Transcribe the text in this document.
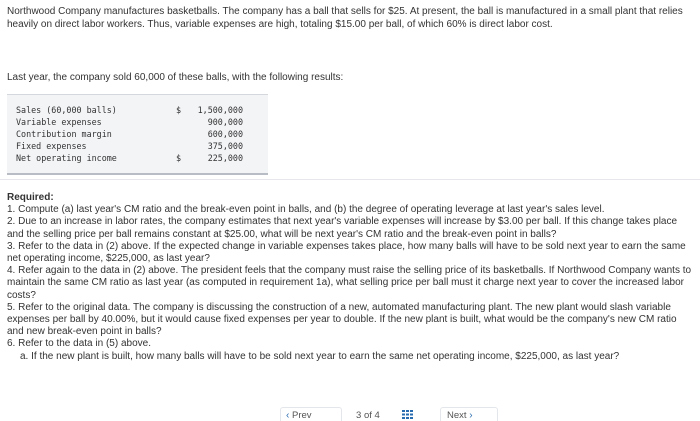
Northwood Company manufactures basketballs. The company has a ball that sells for $25. At present, the ball is manufactured in a small plant that relies heavily on direct labor workers. Thus, variable expenses are high, totaling $15.00 per ball, of which 60% is direct labor cost.
Last year, the company sold 60,000 of these balls, with the following results:
Sales (60,000 balls)	$ 1,500,000
Variable expenses	900,000
Contribution margin	600,000
Fixed expenses	375,000
Net operating income	$	225,000
Required:

1. Compute (a) last year's CM ratio and the break-even point in balls, and (b) the degree of operating leverage at last year's sales level.

2. Due to an increase in labor rates, the company estimates that next year's variable expenses will increase by $3.00 per ball. If this change takes place and the selling price per ball remains constant at $25.00, what will be next year's CM ratio and the break-even point in balls?

3. Refer to the data in (2) above. If the expected change in variable expenses takes place, how many balls will have to be sold next year to earn the same net operating income, $225,000, as last year?

4. Refer again to the data in (2) above. The president feels that the company must raise the selling price of its basketballs. If Northwood Company wants to maintain the same CM ratio as last year (as computed in requirement 1a), what selling price per ball must it charge next year to cover the increased labor costs?

5. Refer to the original data. The company is discussing the construction of a new, automated manufacturing plant. The new plant would slash variable expenses per ball by 40.00%, but it would cause fixed expenses per year to double. If the new plant is built, what would be the company's new CM ratio and new break-even point in balls?

6. Refer to the data in (5) above.

a. If the new plant is built, how many balls will have to be sold next year to earn the same net operating income, $225,000, as last year?

‹ Prev	3 of 4	Next ›
